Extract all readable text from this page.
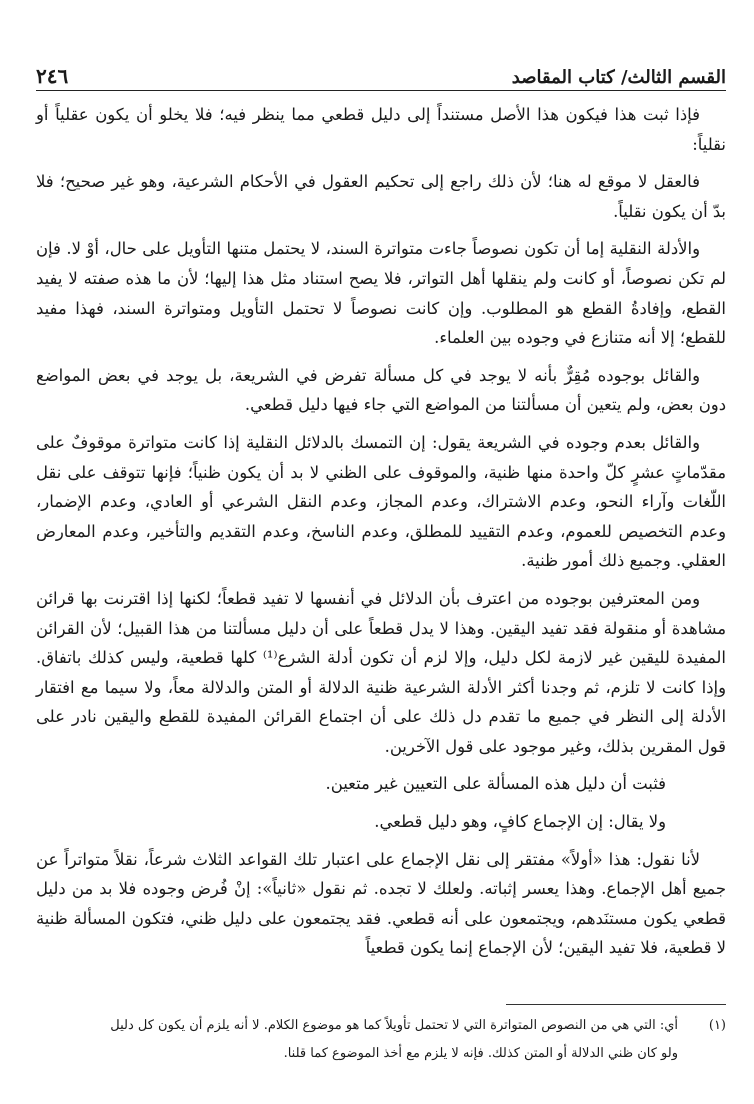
القسم الثالث/ كتاب المقاصد
٢٤٦

فإذا ثبت هذا فيكون هذا الأصل مستنداً إلى دليل قطعي مما ينظر فيه؛ فلا يخلو أن يكون عقلياً أو نقلياً:

فالعقل لا موقع له هنا؛ لأن ذلك راجع إلى تحكيم العقول في الأحكام الشرعية، وهو غير صحيح؛ فلا بدّ أن يكون نقلياً.

والأدلة النقلية إما أن تكون نصوصاً جاءت متواترة السند، لا يحتمل متنها التأويل على حال، أوْ لا. فإن لم تكن نصوصاً، أو كانت ولم ينقلها أهل التواتر، فلا يصح استناد مثل هذا إليها؛ لأن ما هذه صفته لا يفيد القطع، وإفادةُ القطع هو المطلوب. وإن كانت نصوصاً لا تحتمل التأويل ومتواترة السند، فهذا مفيد للقطع؛ إلا أنه متنازع في وجوده بين العلماء.

والقائل بوجوده مُقِرٌّ بأنه لا يوجد في كل مسألة تفرض في الشريعة، بل يوجد في بعض المواضع دون بعض، ولم يتعين أن مسألتنا من المواضع التي جاء فيها دليل قطعي.

والقائل بعدم وجوده في الشريعة يقول: إن التمسك بالدلائل النقلية إذا كانت متواترة موقوفٌ على مقدّماتٍ عشرٍ كلّ واحدة منها ظنية، والموقوف على الظني لا بد أن يكون ظنياً؛ فإنها تتوقف على نقل اللّغات وآراء النحو، وعدم الاشتراك، وعدم المجاز، وعدم النقل الشرعي أو العادي، وعدم الإضمار، وعدم التخصيص للعموم، وعدم التقييد للمطلق، وعدم الناسخ، وعدم التقديم والتأخير، وعدم المعارض العقلي. وجميع ذلك أمور ظنية.

ومن المعترفين بوجوده من اعترف بأن الدلائل في أنفسها لا تفيد قطعاً؛ لكنها إذا اقترنت بها قرائن مشاهدة أو منقولة فقد تفيد اليقين. وهذا لا يدل قطعاً على أن دليل مسألتنا من هذا القبيل؛ لأن القرائن المفيدة لليقين غير لازمة لكل دليل، وإلا لزم أن تكون أدلة الشرع⁽¹⁾ كلها قطعية، وليس كذلك باتفاق. وإذا كانت لا تلزم، ثم وجدنا أكثر الأدلة الشرعية ظنية الدلالة أو المتن والدلالة معاً، ولا سيما مع افتقار الأدلة إلى النظر في جميع ما تقدم دل ذلك على أن اجتماع القرائن المفيدة للقطع واليقين نادر على قول المقرين بذلك، وغير موجود على قول الآخرين.

فثبت أن دليل هذه المسألة على التعيين غير متعين.

ولا يقال: إن الإجماع كافٍ، وهو دليل قطعي.

لأنا نقول: هذا «أولاً» مفتقر إلى نقل الإجماع على اعتبار تلك القواعد الثلاث شرعاً، نقلاً متواتراً عن جميع أهل الإجماع. وهذا يعسر إثباته. ولعلك لا تجده. ثم نقول «ثانياً»: إنْ فُرض وجوده فلا بد من دليل قطعي يكون مستنَدهم، ويجتمعون على أنه قطعي. فقد يجتمعون على دليل ظني، فتكون المسألة ظنية لا قطعية، فلا تفيد اليقين؛ لأن الإجماع إنما يكون قطعياً

(١)
أي: التي هي من النصوص المتواترة التي لا تحتمل تأويلاً كما هو موضوع الكلام. لا أنه يلزم أن يكون كل دليل
ولو كان ظني الدلالة أو المتن كذلك. فإنه لا يلزم مع أخذ الموضوع كما قلنا.
